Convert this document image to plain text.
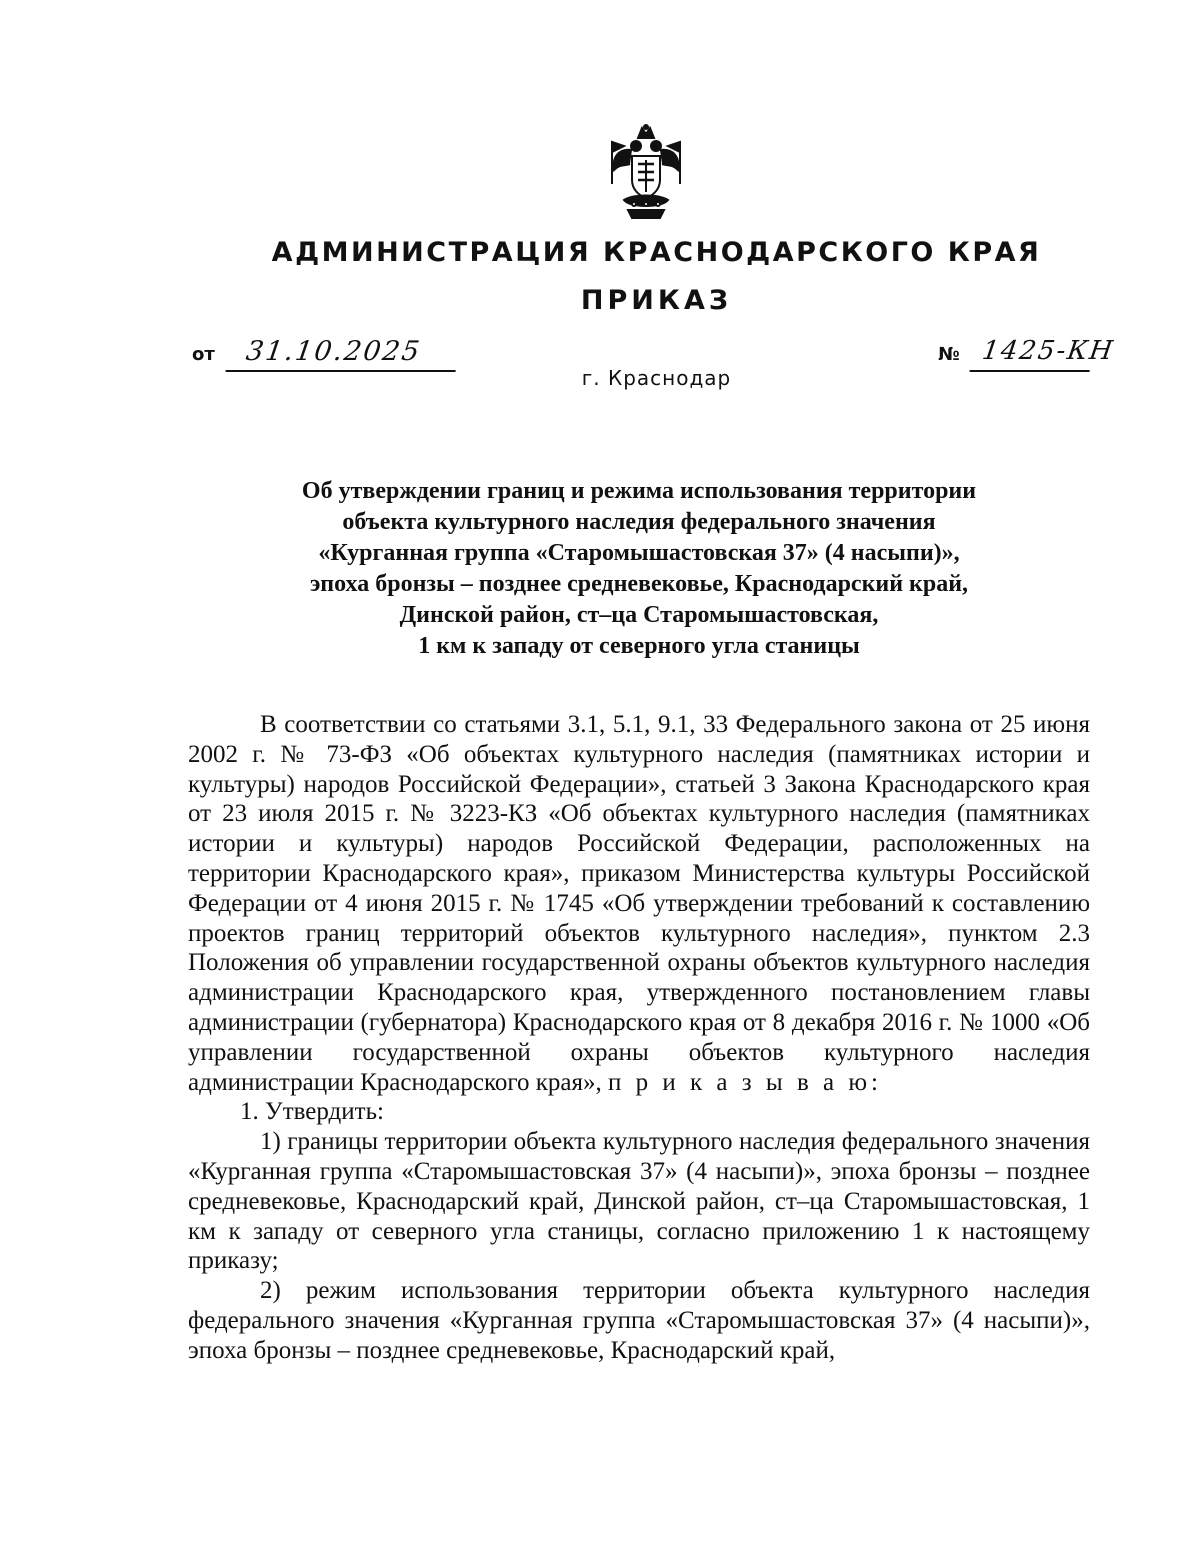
АДМИНИСТРАЦИЯ КРАСНОДАРСКОГО КРАЯ
ПРИКАЗ
от	31.10.2025	№ 1425-КН
г. Краснодар
Об утверждении границ и режима использования территории
объекта культурного наследия федерального значения
«Курганная группа «Старомышастовская 37» (4 насыпи)»,
эпоха бронзы – позднее средневековье, Краснодарский край,
Динской район, ст–ца Старомышастовская,
1 км к западу от северного угла станицы

В соответствии со статьями 3.1, 5.1, 9.1, 33 Федерального закона от 25 июня 2002 г. № 73-ФЗ «Об объектах культурного наследия (памятниках истории и культуры) народов Российской Федерации», статьей 3 Закона Краснодарского края от 23 июля 2015 г. № 3223-КЗ «Об объектах культурного наследия (памятниках истории и культуры) народов Российской Федерации, расположенных на территории Краснодарского края», приказом Министерства культуры Российской Федерации от 4 июня 2015 г. № 1745 «Об утверждении требований к составлению проектов границ территорий объектов культурного наследия», пунктом 2.3 Положения об управлении государственной охраны объектов культурного наследия администрации Краснодарского края, утвержденного постановлением главы администрации (губернатора) Краснодарского края от 8 декабря 2016 г. № 1000 «Об управлении государственной охраны объектов культурного наследия администрации Краснодарского края», п р и к а з ы в а ю:

1. Утвердить:

1) границы территории объекта культурного наследия федерального значения «Курганная группа «Старомышастовская 37» (4 насыпи)», эпоха бронзы – позднее средневековье, Краснодарский край, Динской район, ст–ца Старомышастовская, 1 км к западу от северного угла станицы, согласно приложению 1 к настоящему приказу;

2) режим использования территории объекта культурного наследия федерального значения «Курганная группа «Старомышастовская 37» (4 насыпи)», эпоха бронзы – позднее средневековье, Краснодарский край,
